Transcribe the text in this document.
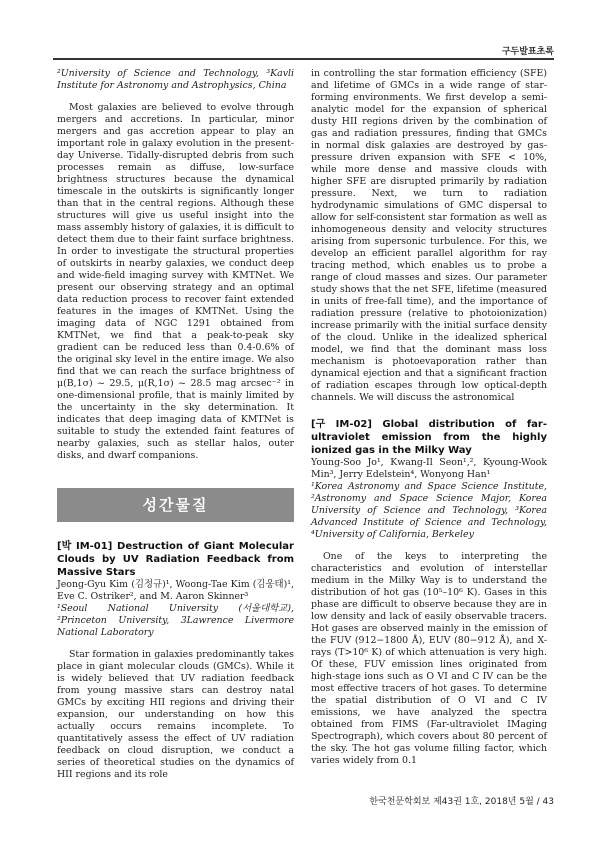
구두발표초록

²University of Science and Technology, ³Kavli Institute for Astronomy and Astrophysics, China

Most galaxies are believed to evolve through mergers and accretions. In particular, minor mergers and gas accretion appear to play an important role in galaxy evolution in the present-day Universe. Tidally-disrupted debris from such processes remain as diffuse, low-surface brightness structures because the dynamical timescale in the outskirts is significantly longer than that in the central regions. Although these structures will give us useful insight into the mass assembly history of galaxies, it is difficult to detect them due to their faint surface brightness. In order to investigate the structural properties of outskirts in nearby galaxies, we conduct deep and wide-field imaging survey with KMTNet. We present our observing strategy and an optimal data reduction process to recover faint extended features in the images of KMTNet. Using the imaging data of NGC 1291 obtained from KMTNet, we find that a peak-to-peak sky gradient can be reduced less than 0.4-0.6% of the original sky level in the entire image. We also find that we can reach the surface brightness of μ(B,1σ) ~ 29.5, μ(R,1σ) ~ 28.5 mag arcsec⁻² in one-dimensional profile, that is mainly limited by the uncertainty in the sky determination. It indicates that deep imaging data of KMTNet is suitable to study the extended faint features of nearby galaxies, such as stellar halos, outer disks, and dwarf companions.

성간물질

[박 IM-01] Destruction of Giant Molecular Clouds by UV Radiation Feedback from Massive Stars

Jeong-Gyu Kim (김정규)¹, Woong-Tae Kim (김웅태)¹, Eve C. Ostriker², and M. Aaron Skinner³

¹Seoul National University (서울대학교), ²Princeton University, 3Lawrence Livermore National Laboratory

Star formation in galaxies predominantly takes place in giant molecular clouds (GMCs). While it is widely believed that UV radiation feedback from young massive stars can destroy natal GMCs by exciting HII regions and driving their expansion, our understanding on how this actually occurs remains incomplete. To quantitatively assess the effect of UV radiation feedback on cloud disruption, we conduct a series of theoretical studies on the dynamics of HII regions and its role

in controlling the star formation efficiency (SFE) and lifetime of GMCs in a wide range of star-forming environments. We first develop a semi-analytic model for the expansion of spherical dusty HII regions driven by the combination of gas and radiation pressures, finding that GMCs in normal disk galaxies are destroyed by gas-pressure driven expansion with SFE < 10%, while more dense and massive clouds with higher SFE are disrupted primarily by radiation pressure. Next, we turn to radiation hydrodynamic simulations of GMC dispersal to allow for self-consistent star formation as well as inhomogeneous density and velocity structures arising from supersonic turbulence. For this, we develop an efficient parallel algorithm for ray tracing method, which enables us to probe a range of cloud masses and sizes. Our parameter study shows that the net SFE, lifetime (measured in units of free-fall time), and the importance of radiation pressure (relative to photoionization) increase primarily with the initial surface density of the cloud. Unlike in the idealized spherical model, we find that the dominant mass loss mechanism is photoevaporation rather than dynamical ejection and that a significant fraction of radiation escapes through low optical-depth channels. We will discuss the astronomical

[구 IM-02] Global distribution of far-ultraviolet emission from the highly ionized gas in the Milky Way

Young-Soo Jo¹, Kwang-Il Seon¹,², Kyoung-Wook Min³, Jerry Edelstein⁴, Wonyong Han¹

¹Korea Astronomy and Space Science Institute, ²Astronomy and Space Science Major, Korea University of Science and Technology, ³Korea Advanced Institute of Science and Technology, ⁴University of California, Berkeley

One of the keys to interpreting the characteristics and evolution of interstellar medium in the Milky Way is to understand the distribution of hot gas (10⁵–10⁶ K). Gases in this phase are difficult to observe because they are in low density and lack of easily observable tracers. Hot gases are observed mainly in the emission of the FUV (912−1800 Å), EUV (80−912 Å), and X-rays (T>10⁶ K) of which attenuation is very high. Of these, FUV emission lines originated from high-stage ions such as O VI and C IV can be the most effective tracers of hot gases. To determine the spatial distribution of O VI and C IV emissions, we have analyzed the spectra obtained from FIMS (Far-ultraviolet IMaging Spectrograph), which covers about 80 percent of the sky. The hot gas volume filling factor, which varies widely from 0.1

한국천문학회보 제43권 1호, 2018년 5월 / 43
